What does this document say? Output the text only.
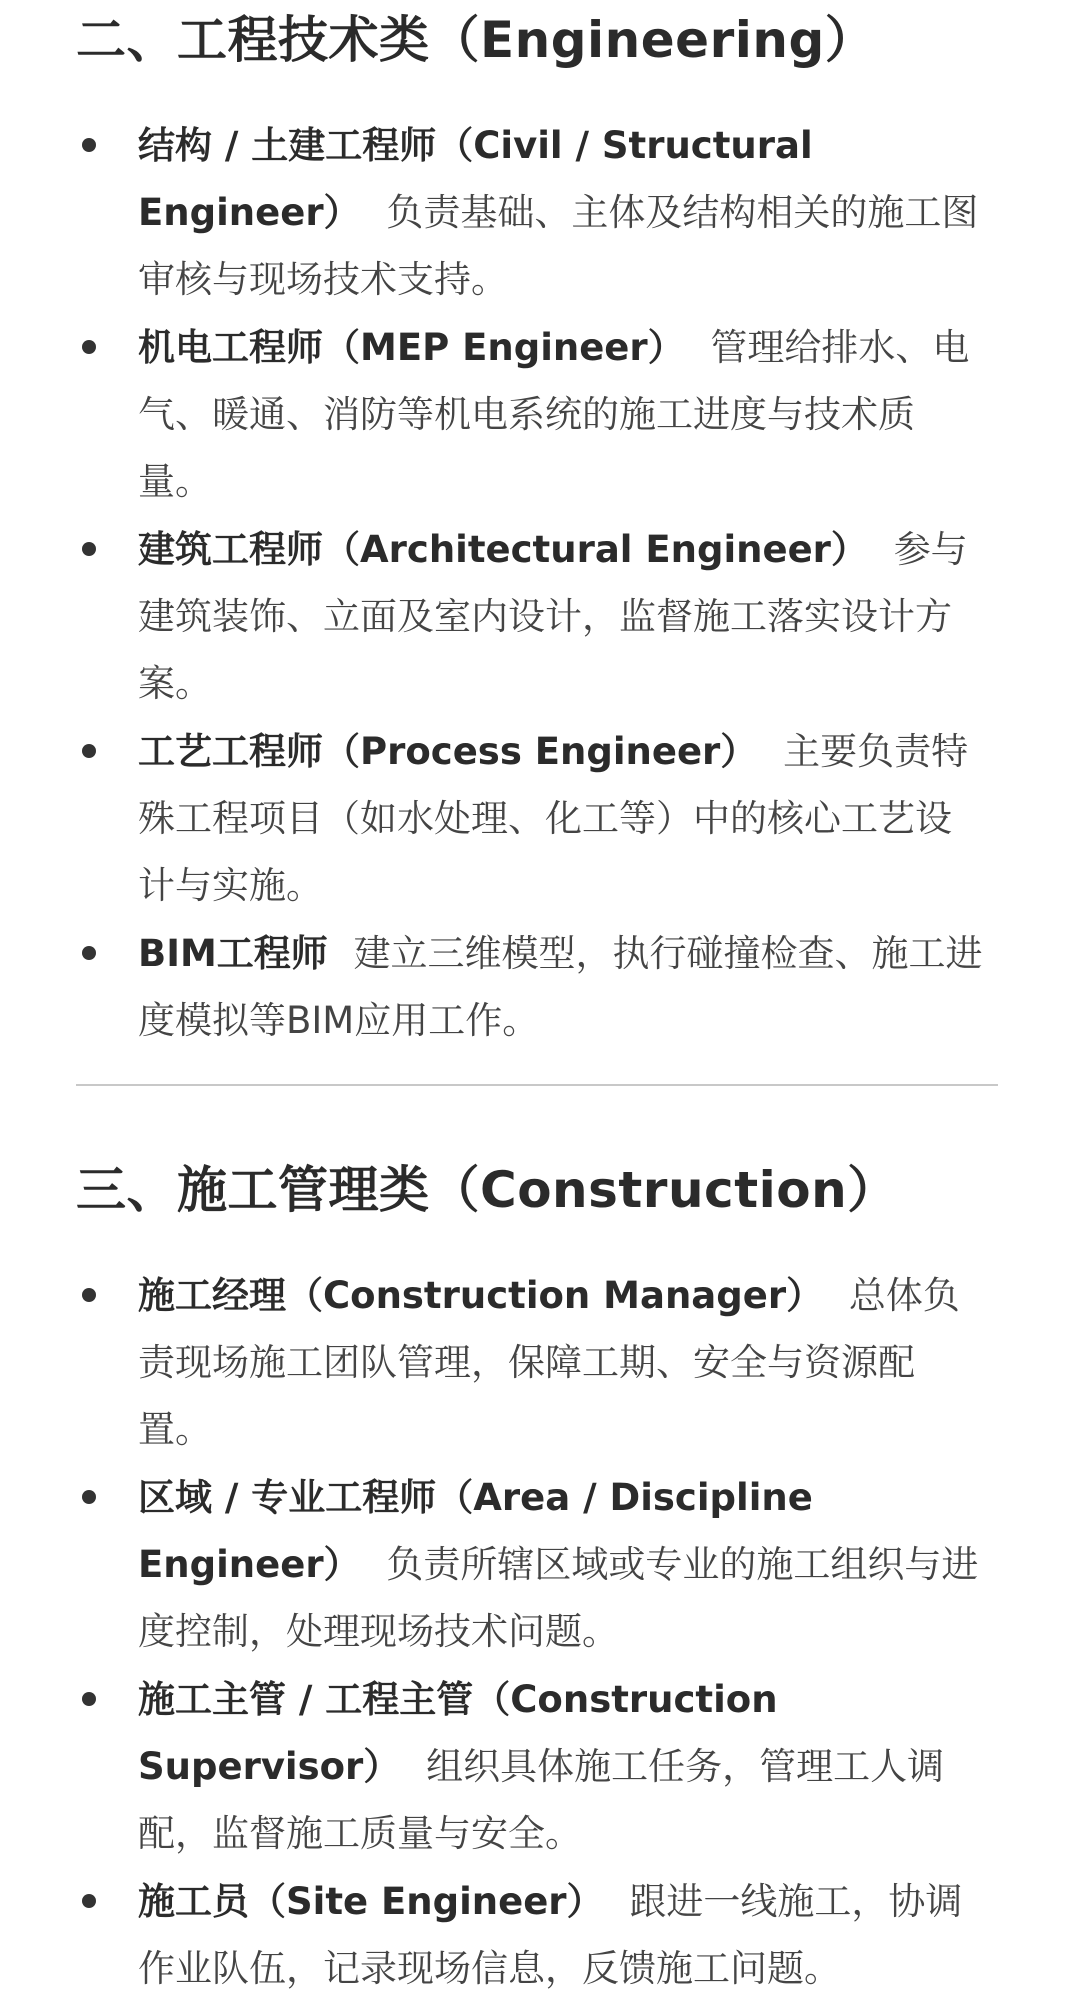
二、工程技术类（Engineering）
结构 / 土建工程师（Civil / Structural Engineer） 负责基础、主体及结构相关的施工图审核与现场技术支持。
机电工程师（MEP Engineer） 管理给排水、电气、暖通、消防等机电系统的施工进度与技术质量。
建筑工程师（Architectural Engineer） 参与建筑装饰、立面及室内设计，监督施工落实设计方案。
工艺工程师（Process Engineer） 主要负责特殊工程项目（如水处理、化工等）中的核心工艺设计与实施。
BIM工程师 建立三维模型，执行碰撞检查、施工进度模拟等BIM应用工作。
三、施工管理类（Construction）
施工经理（Construction Manager） 总体负责现场施工团队管理，保障工期、安全与资源配置。
区域 / 专业工程师（Area / Discipline Engineer） 负责所辖区域或专业的施工组织与进度控制，处理现场技术问题。
施工主管 / 工程主管（Construction Supervisor） 组织具体施工任务，管理工人调配，监督施工质量与安全。
施工员（Site Engineer） 跟进一线施工，协调作业队伍，记录现场信息，反馈施工问题。
